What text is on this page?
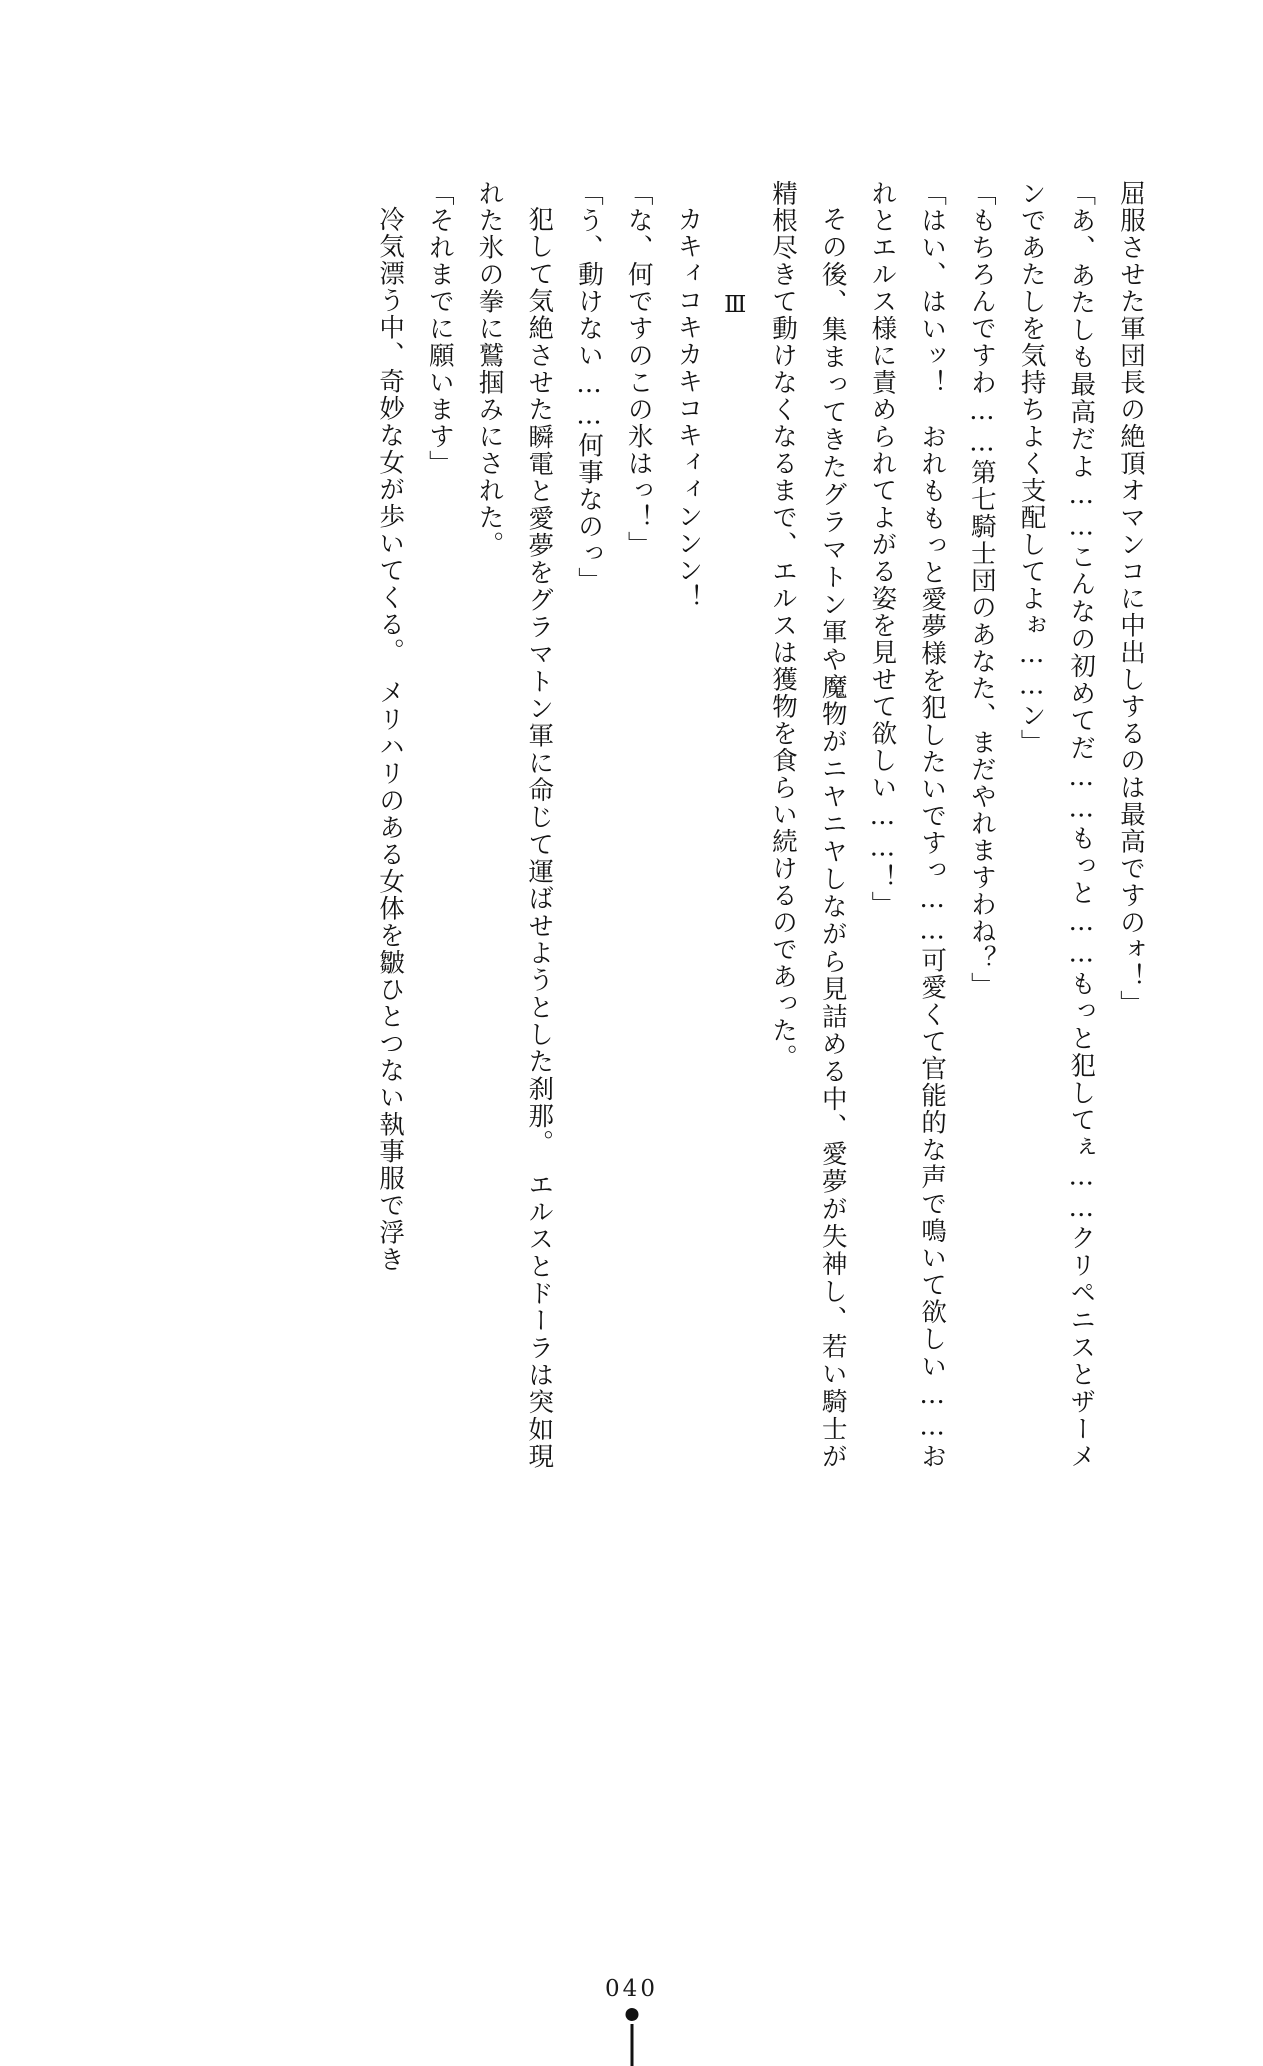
屈服させた軍団長の絶頂オマンコに中出しするのは最高ですのォ！」

「あ、あたしも最高だよ……こんなの初めてだ……もっと……もっと犯してぇ……クリペニスとザーメンであたしを気持ちよく支配してよぉ……ン」

「もちろんですわ……第七騎士団のあなた、まだやれますわね？」

「はい、はいッ！　おれももっと愛夢様を犯したいですっ……可愛くて官能的な声で鳴いて欲しい……おれとエルス様に責められてよがる姿を見せて欲しい……！」

その後、集まってきたグラマトン軍や魔物がニヤニヤしながら見詰める中、愛夢が失神し、若い騎士が精根尽きて動けなくなるまで、エルスは獲物を食らい続けるのであった。

Ⅲ

カキィコキカキコキィィンンン！

「な、何ですのこの氷はっ！」

「う、動けない……何事なのっ」

犯して気絶させた瞬電と愛夢をグラマトン軍に命じて運ばせようとした刹那。　エルスとドーラは突如現れた氷の拳に鷲掴みにされた。

「それまでに願います」

冷気漂う中、奇妙な女が歩いてくる。　メリハリのある女体を皺ひとつない執事服で浮き

040
